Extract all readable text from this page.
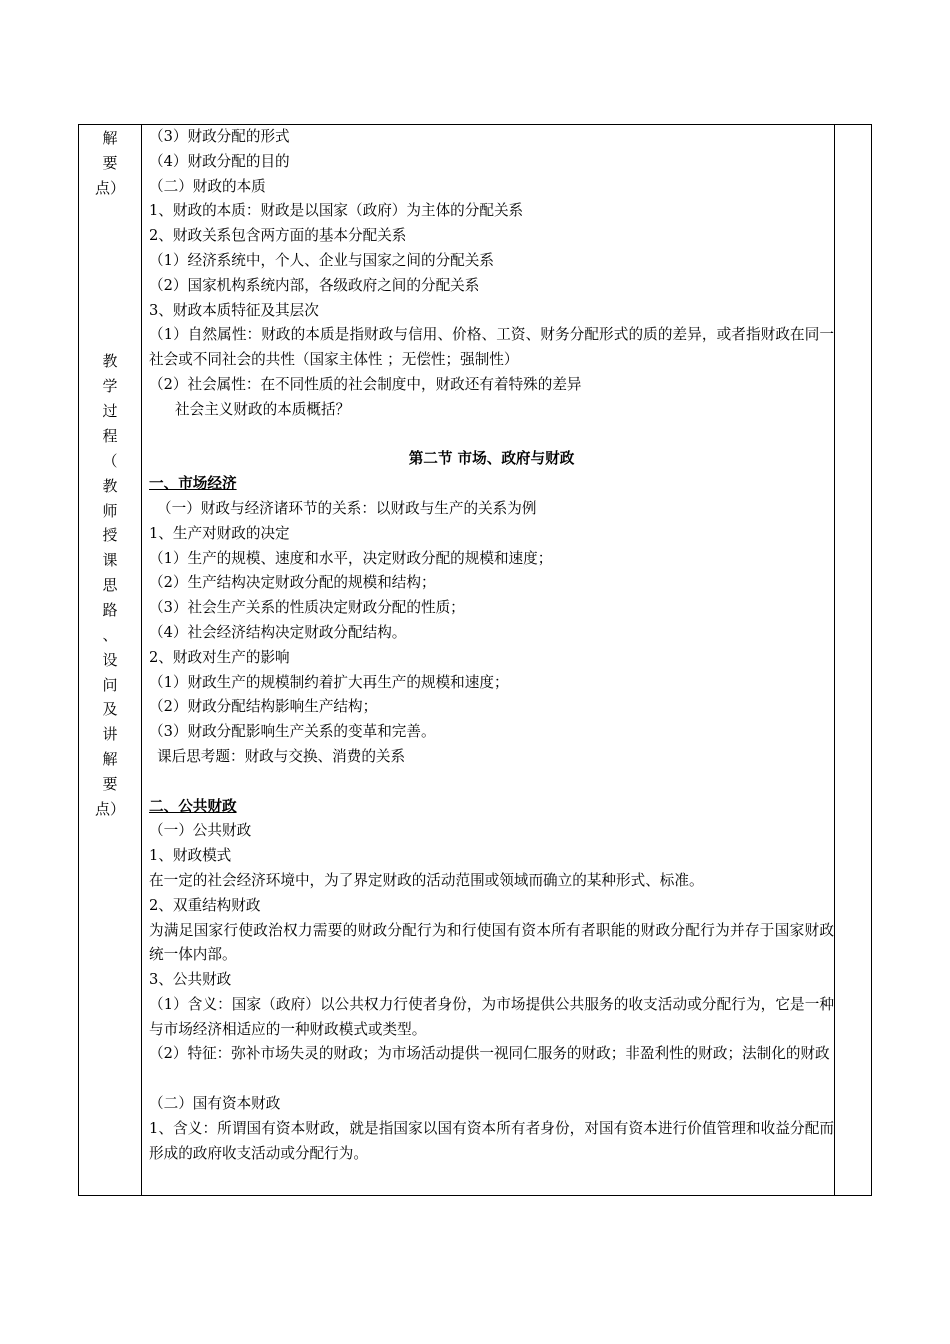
解
要
点）
教
学
过
程
（
教
师
授
课
思
路
、
设
问
及
讲
解
要
点）
（3）财政分配的形式
（4）财政分配的目的
（二）财政的本质
1、财政的本质：财政是以国家（政府）为主体的分配关系
2、财政关系包含两方面的基本分配关系
（1）经济系统中，个人、企业与国家之间的分配关系
（2）国家机构系统内部，各级政府之间的分配关系
3、财政本质特征及其层次
（1）自然属性：财政的本质是指财政与信用、价格、工资、财务分配形式的质的差异，或者指财政在同一社会或不同社会的共性（国家主体性 ；无偿性；强制性）
（2）社会属性：在不同性质的社会制度中，财政还有着特殊的差异
社会主义财政的本质概括？
第二节 市场、政府与财政
一、市场经济
（一）财政与经济诸环节的关系：以财政与生产的关系为例
1、生产对财政的决定
（1）生产的规模、速度和水平，决定财政分配的规模和速度；
（2）生产结构决定财政分配的规模和结构；
（3）社会生产关系的性质决定财政分配的性质；
（4）社会经济结构决定财政分配结构。
2、财政对生产的影响
（1）财政生产的规模制约着扩大再生产的规模和速度；
（2）财政分配结构影响生产结构；
（3）财政分配影响生产关系的变革和完善。
课后思考题：财政与交换、消费的关系
二、公共财政
（一）公共财政
1、财政模式
在一定的社会经济环境中，为了界定财政的活动范围或领域而确立的某种形式、标准。
2、双重结构财政
为满足国家行使政治权力需要的财政分配行为和行使国有资本所有者职能的财政分配行为并存于国家财政统一体内部。
3、公共财政
（1）含义：国家（政府）以公共权力行使者身份，为市场提供公共服务的收支活动或分配行为，它是一种与市场经济相适应的一种财政模式或类型。
（2）特征：弥补市场失灵的财政；为市场活动提供一视同仁服务的财政；非盈利性的财政；法制化的财政
（二）国有资本财政
1、含义：所谓国有资本财政，就是指国家以国有资本所有者身份，对国有资本进行价值管理和收益分配而形成的政府收支活动或分配行为。
